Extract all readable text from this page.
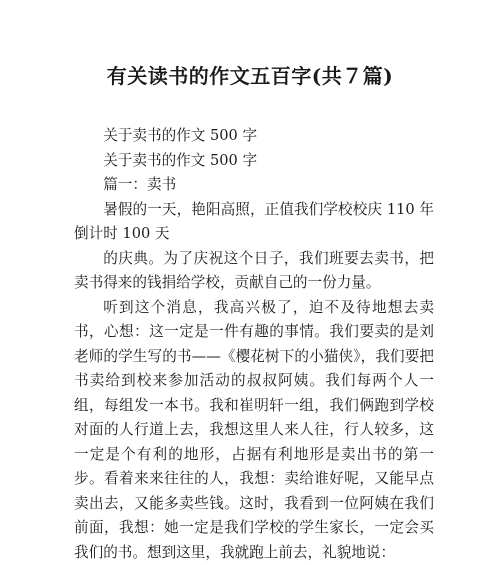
有关读书的作文五百字(共７篇)

关于卖书的作文 500 字

关于卖书的作文 500 字

篇一：卖书

暑假的一天，艳阳高照，正值我们学校校庆 110 年倒计时 100 天

的庆典。为了庆祝这个日子，我们班要去卖书，把卖书得来的钱捐给学校，贡献自己的一份力量。

听到这个消息，我高兴极了，迫不及待地想去卖书，心想：这一定是一件有趣的事情。我们要卖的是刘老师的学生写的书——《樱花树下的小猫侠》，我们要把书卖给到校来参加活动的叔叔阿姨。我们每两个人一组，每组发一本书。我和崔明轩一组，我们俩跑到学校对面的人行道上去，我想这里人来人往，行人较多，这一定是个有利的地形，占据有利地形是卖出书的第一步。看着来来往往的人，我想：卖给谁好呢，又能早点卖出去，又能多卖些钱。这时，我看到一位阿姨在我们前面，我想：她一定是我们学校的学生家长，一定会买我们的书。想到这里，我就跑上前去，礼貌地说：
